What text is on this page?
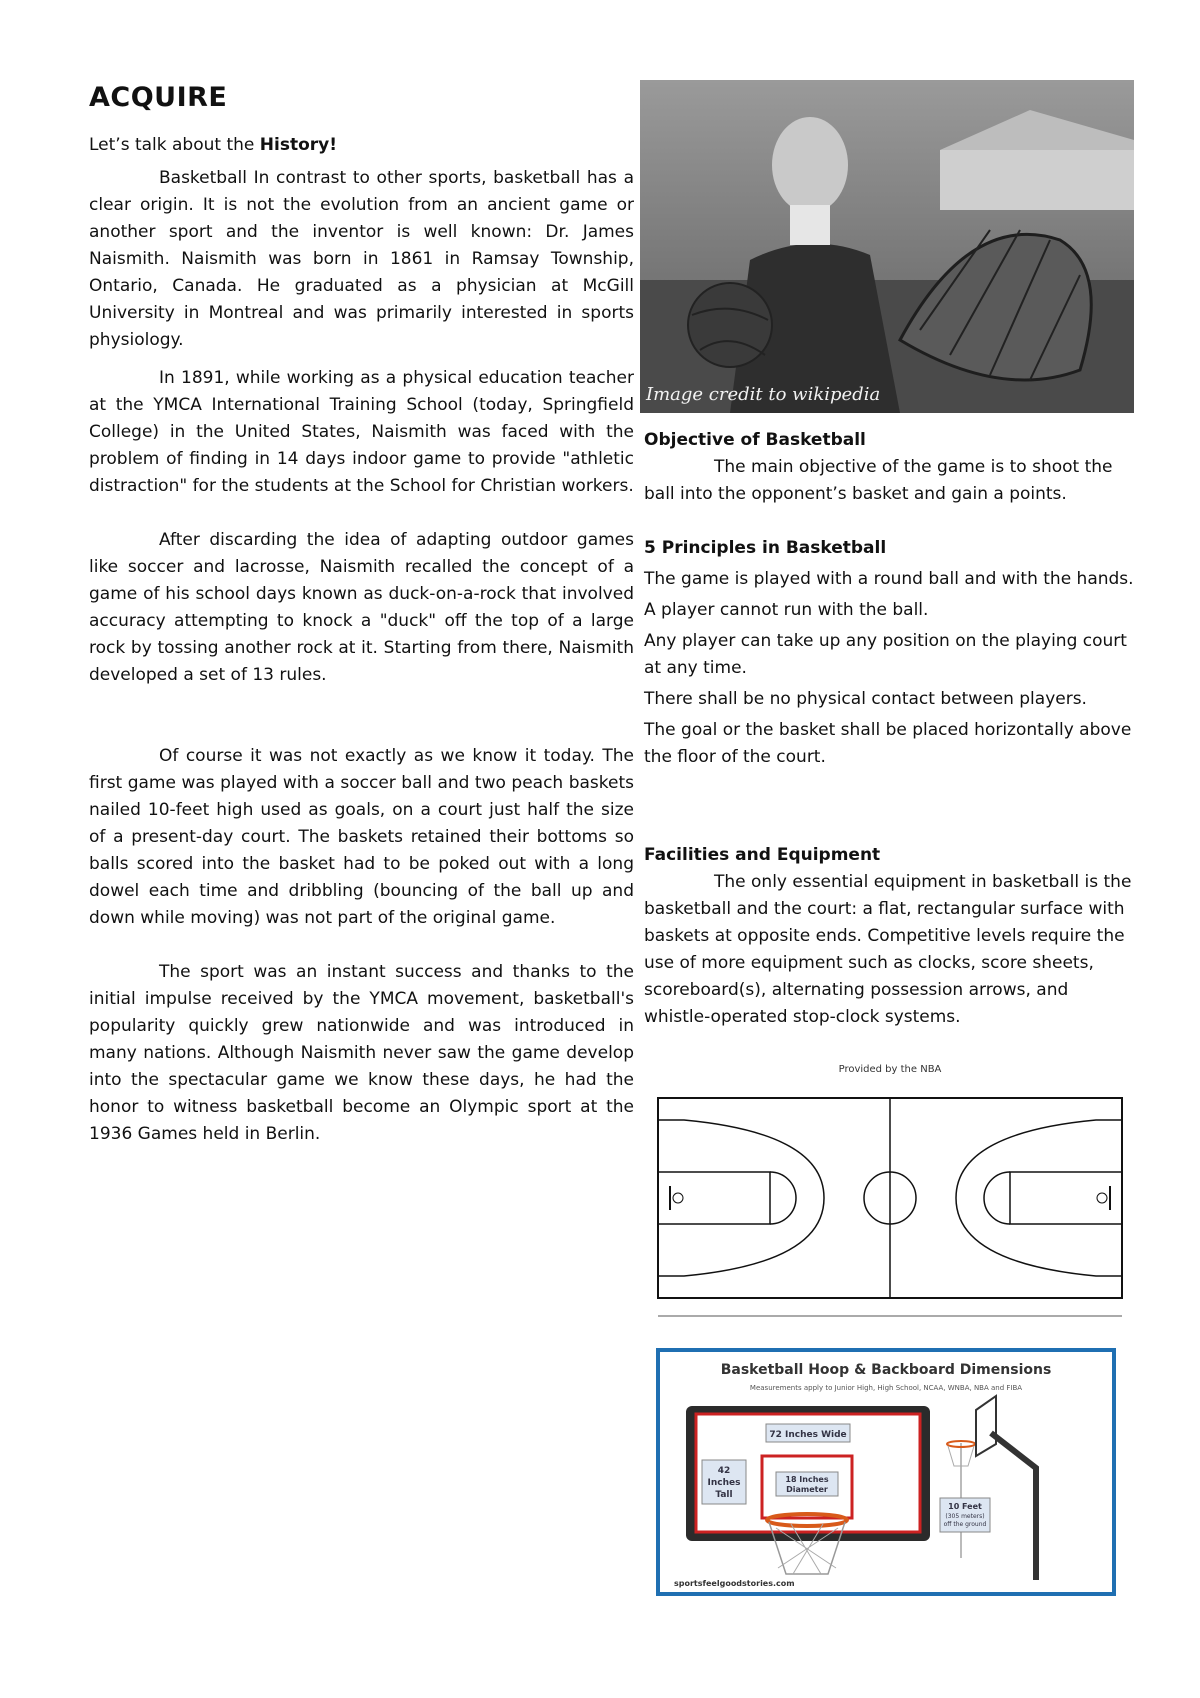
ACQUIRE
Let’s talk about the History!

Basketball In contrast to other sports, basketball has a clear origin. It is not the evolution from an ancient game or another sport and the inventor is well known: Dr. James Naismith. Naismith was born in 1861 in Ramsay Township, Ontario, Canada. He graduated as a physician at McGill University in Montreal and was primarily interested in sports physiology.

In 1891, while working as a physical education teacher at the YMCA International Training School (today, Springfield College) in the United States, Naismith was faced with the problem of finding in 14 days indoor game to provide "athletic distraction" for the students at the School for Christian workers.

After discarding the idea of adapting outdoor games like soccer and lacrosse, Naismith recalled the concept of a game of his school days known as duck-on-a-rock that involved accuracy attempting to knock a "duck" off the top of a large rock by tossing another rock at it. Starting from there, Naismith developed a set of 13 rules.

Of course it was not exactly as we know it today. The first game was played with a soccer ball and two peach baskets nailed 10-feet high used as goals, on a court just half the size of a present-day court. The baskets retained their bottoms so balls scored into the basket had to be poked out with a long dowel each time and dribbling (bouncing of the ball up and down while moving) was not part of the original game.

The sport was an instant success and thanks to the initial impulse received by the YMCA movement, basketball's popularity quickly grew nationwide and was introduced in many nations. Although Naismith never saw the game develop into the spectacular game we know these days, he had the honor to witness basketball become an Olympic sport at the 1936 Games held in Berlin.

Image credit to wikipedia

Objective of Basketball

The main objective of the game is to shoot the ball into the opponent’s basket and gain a points.

5 Principles in Basketball

The game is played with a round ball and with the hands.

A player cannot run with the ball.

Any player can take up any position on the playing court at any time.

There shall be no physical contact between players.

The goal or the basket shall be placed horizontally above the floor of the court.

Facilities and Equipment

The only essential equipment in basketball is the basketball and the court: a flat, rectangular surface with baskets at opposite ends. Competitive levels require the use of more equipment such as clocks, score sheets, scoreboard(s), alternating possession arrows, and whistle-operated stop-clock systems.

Provided by the NBA
Basketball Hoop & Backboard Dimensions
Measurements apply to Junior High, High School, NCAA, WNBA, NBA and FIBA
72 Inches Wide
42
Inches
Tall
18 Inches
Diameter
10 Feet
(305 meters)
off the ground
sportsfeelgoodstories.com
